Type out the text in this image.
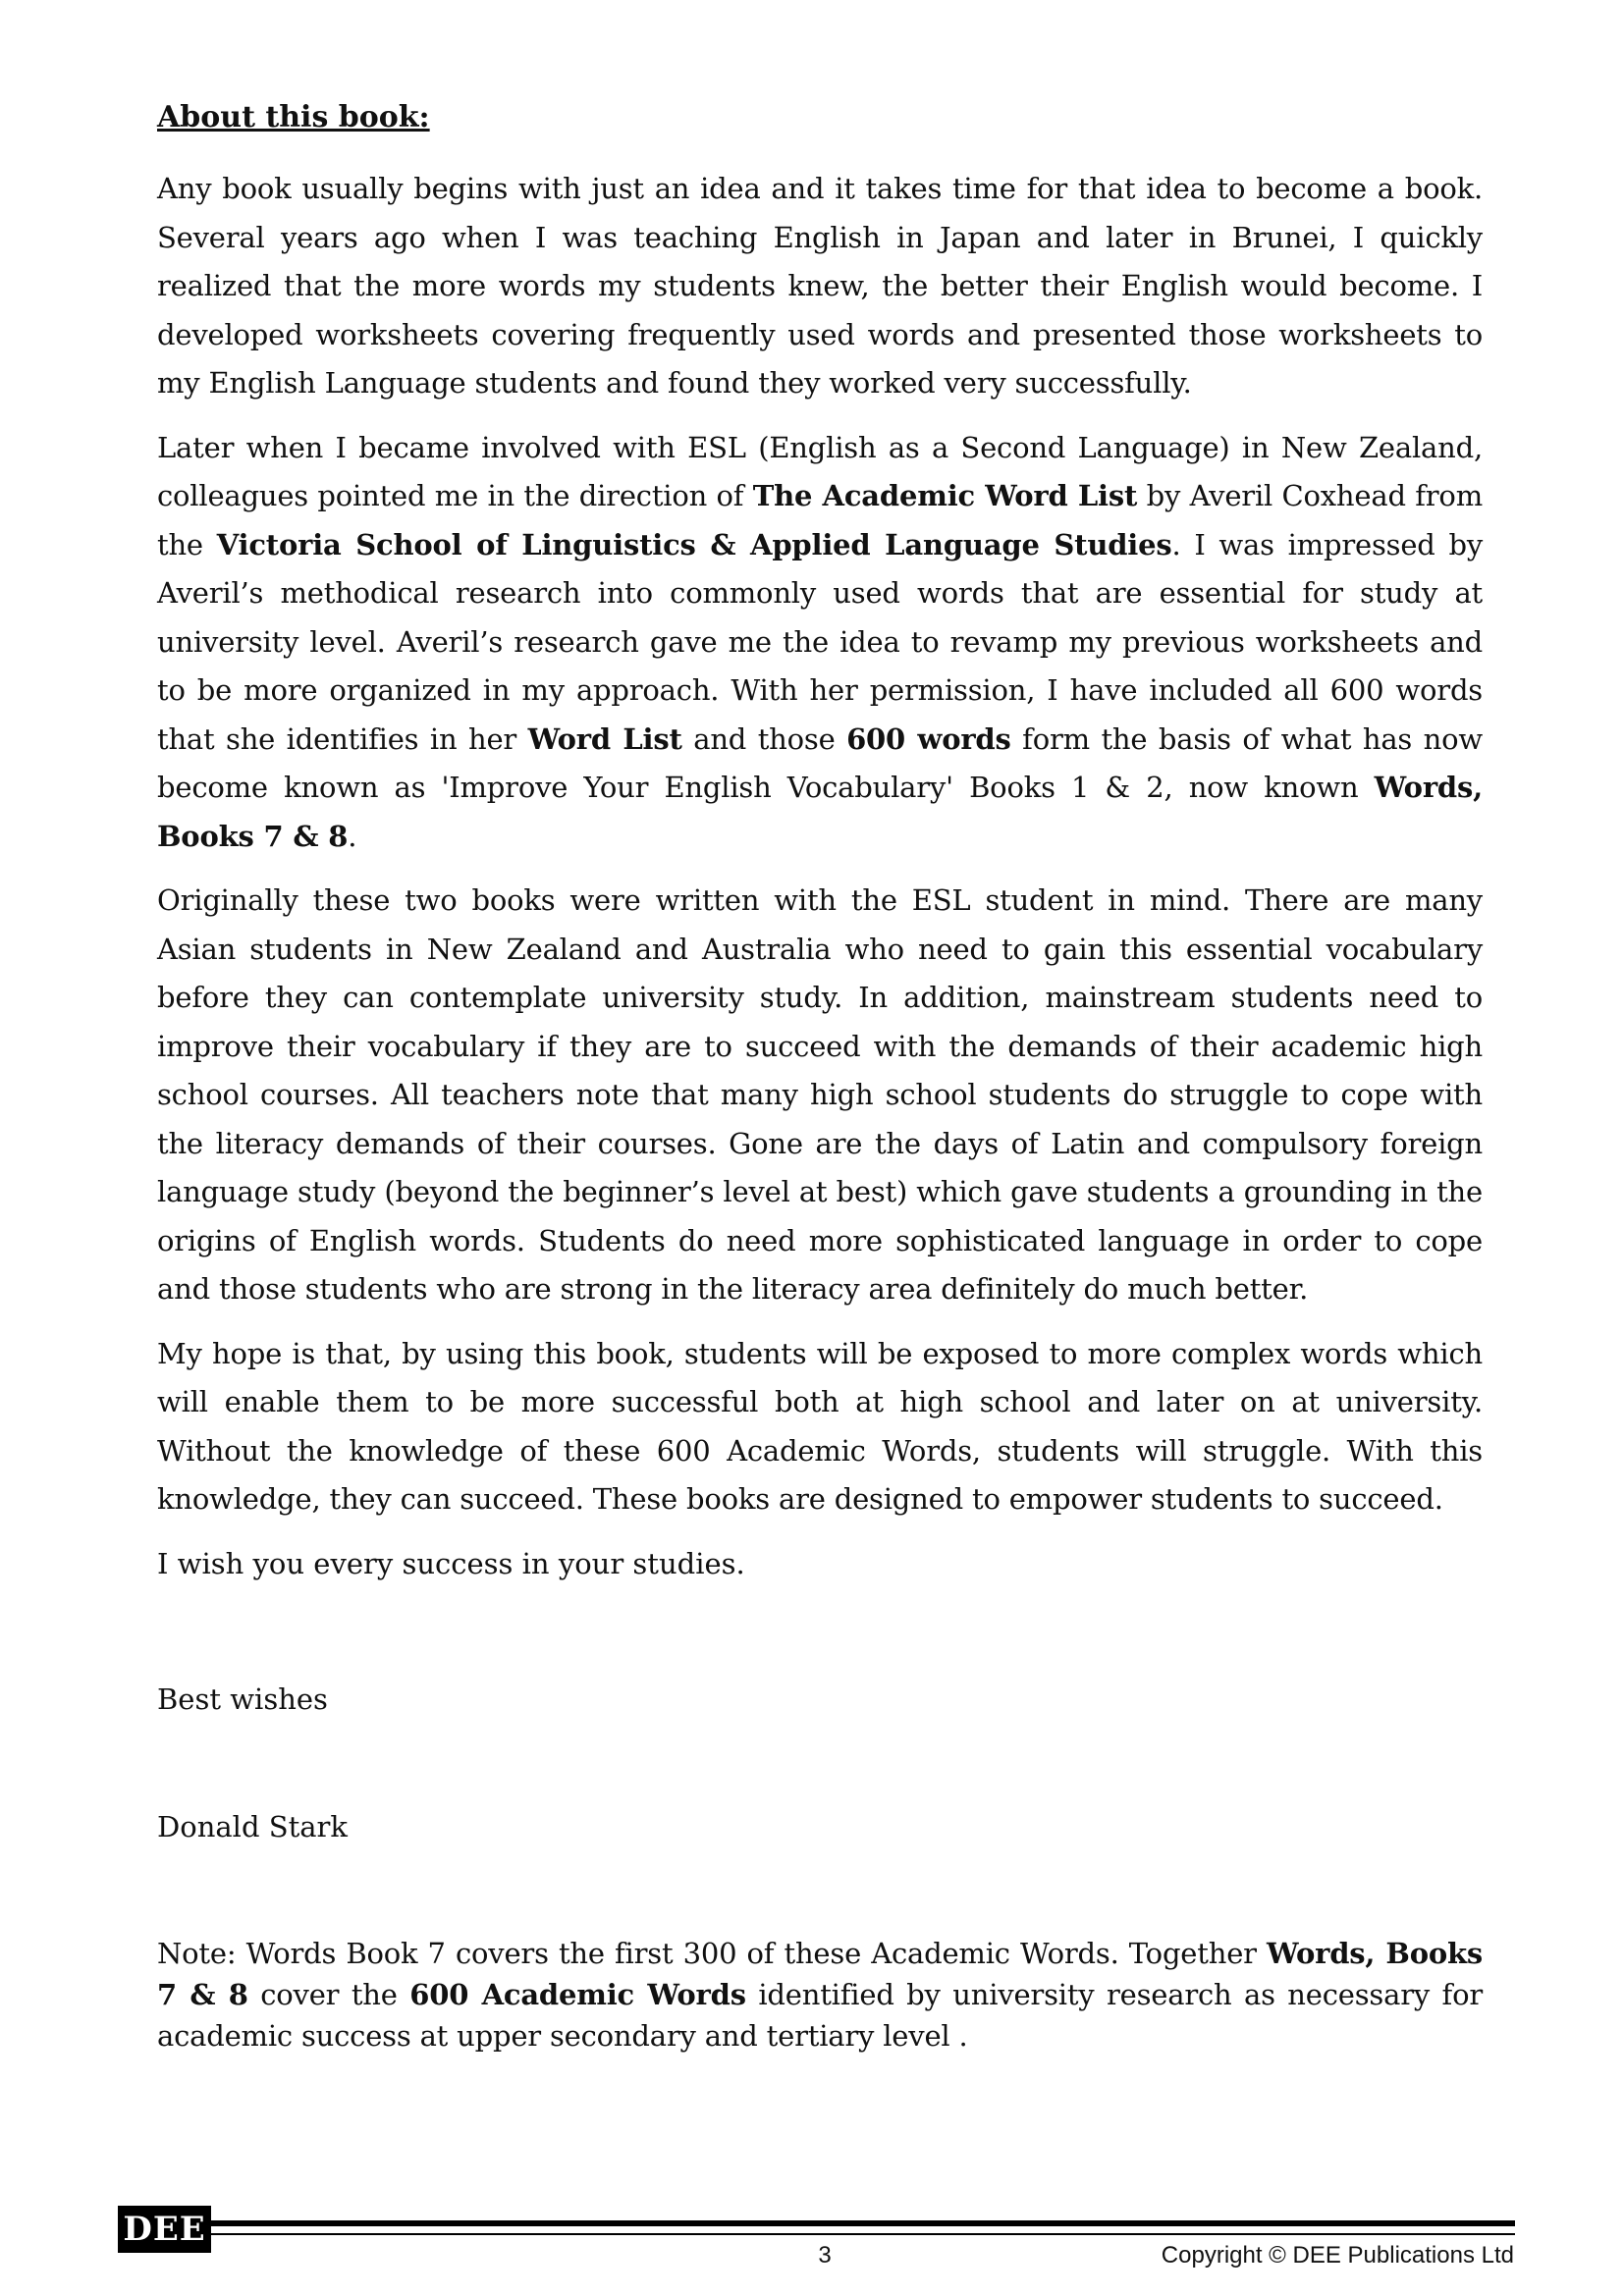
About this book:

Any book usually begins with just an idea and it takes time for that idea to become a book. Several years ago when I was teaching English in Japan and later in Brunei, I quickly realized that the more words my students knew, the better their English would become. I developed worksheets covering frequently used words and presented those worksheets to my English Language students and found they worked very successfully.

Later when I became involved with ESL (English as a Second Language) in New Zealand, colleagues pointed me in the direction of The Academic Word List by Averil Coxhead from the Victoria School of Linguistics & Applied Language Studies. I was impressed by Averil’s methodical research into commonly used words that are essential for study at university level. Averil’s research gave me the idea to revamp my previous worksheets and to be more organized in my approach. With her permission, I have included all 600 words that she identifies in her Word List and those 600 words form the basis of what has now become known as 'Improve Your English Vocabulary' Books 1 & 2, now known Words, Books 7 & 8.

Originally these two books were written with the ESL student in mind. There are many Asian students in New Zealand and Australia who need to gain this essential vocabulary before they can contemplate university study. In addition, mainstream students need to improve their vocabulary if they are to succeed with the demands of their academic high school courses. All teachers note that many high school students do struggle to cope with the literacy demands of their courses. Gone are the days of Latin and compulsory foreign language study (beyond the beginner’s level at best) which gave students a grounding in the origins of English words. Students do need more sophisticated language in order to cope and those students who are strong in the literacy area definitely do much better.

My hope is that, by using this book, students will be exposed to more complex words which will enable them to be more successful both at high school and later on at university. Without the knowledge of these 600 Academic Words, students will struggle. With this knowledge, they can succeed. These books are designed to empower students to succeed.

I wish you every success in your studies.

Best wishes

Donald Stark

Note: Words Book 7 covers the first 300 of these Academic Words. Together Words, Books 7 & 8 cover the 600 Academic Words identified by university research as necessary for academic success at upper secondary and tertiary level .

DEE
3	Copyright © DEE Publications Ltd
